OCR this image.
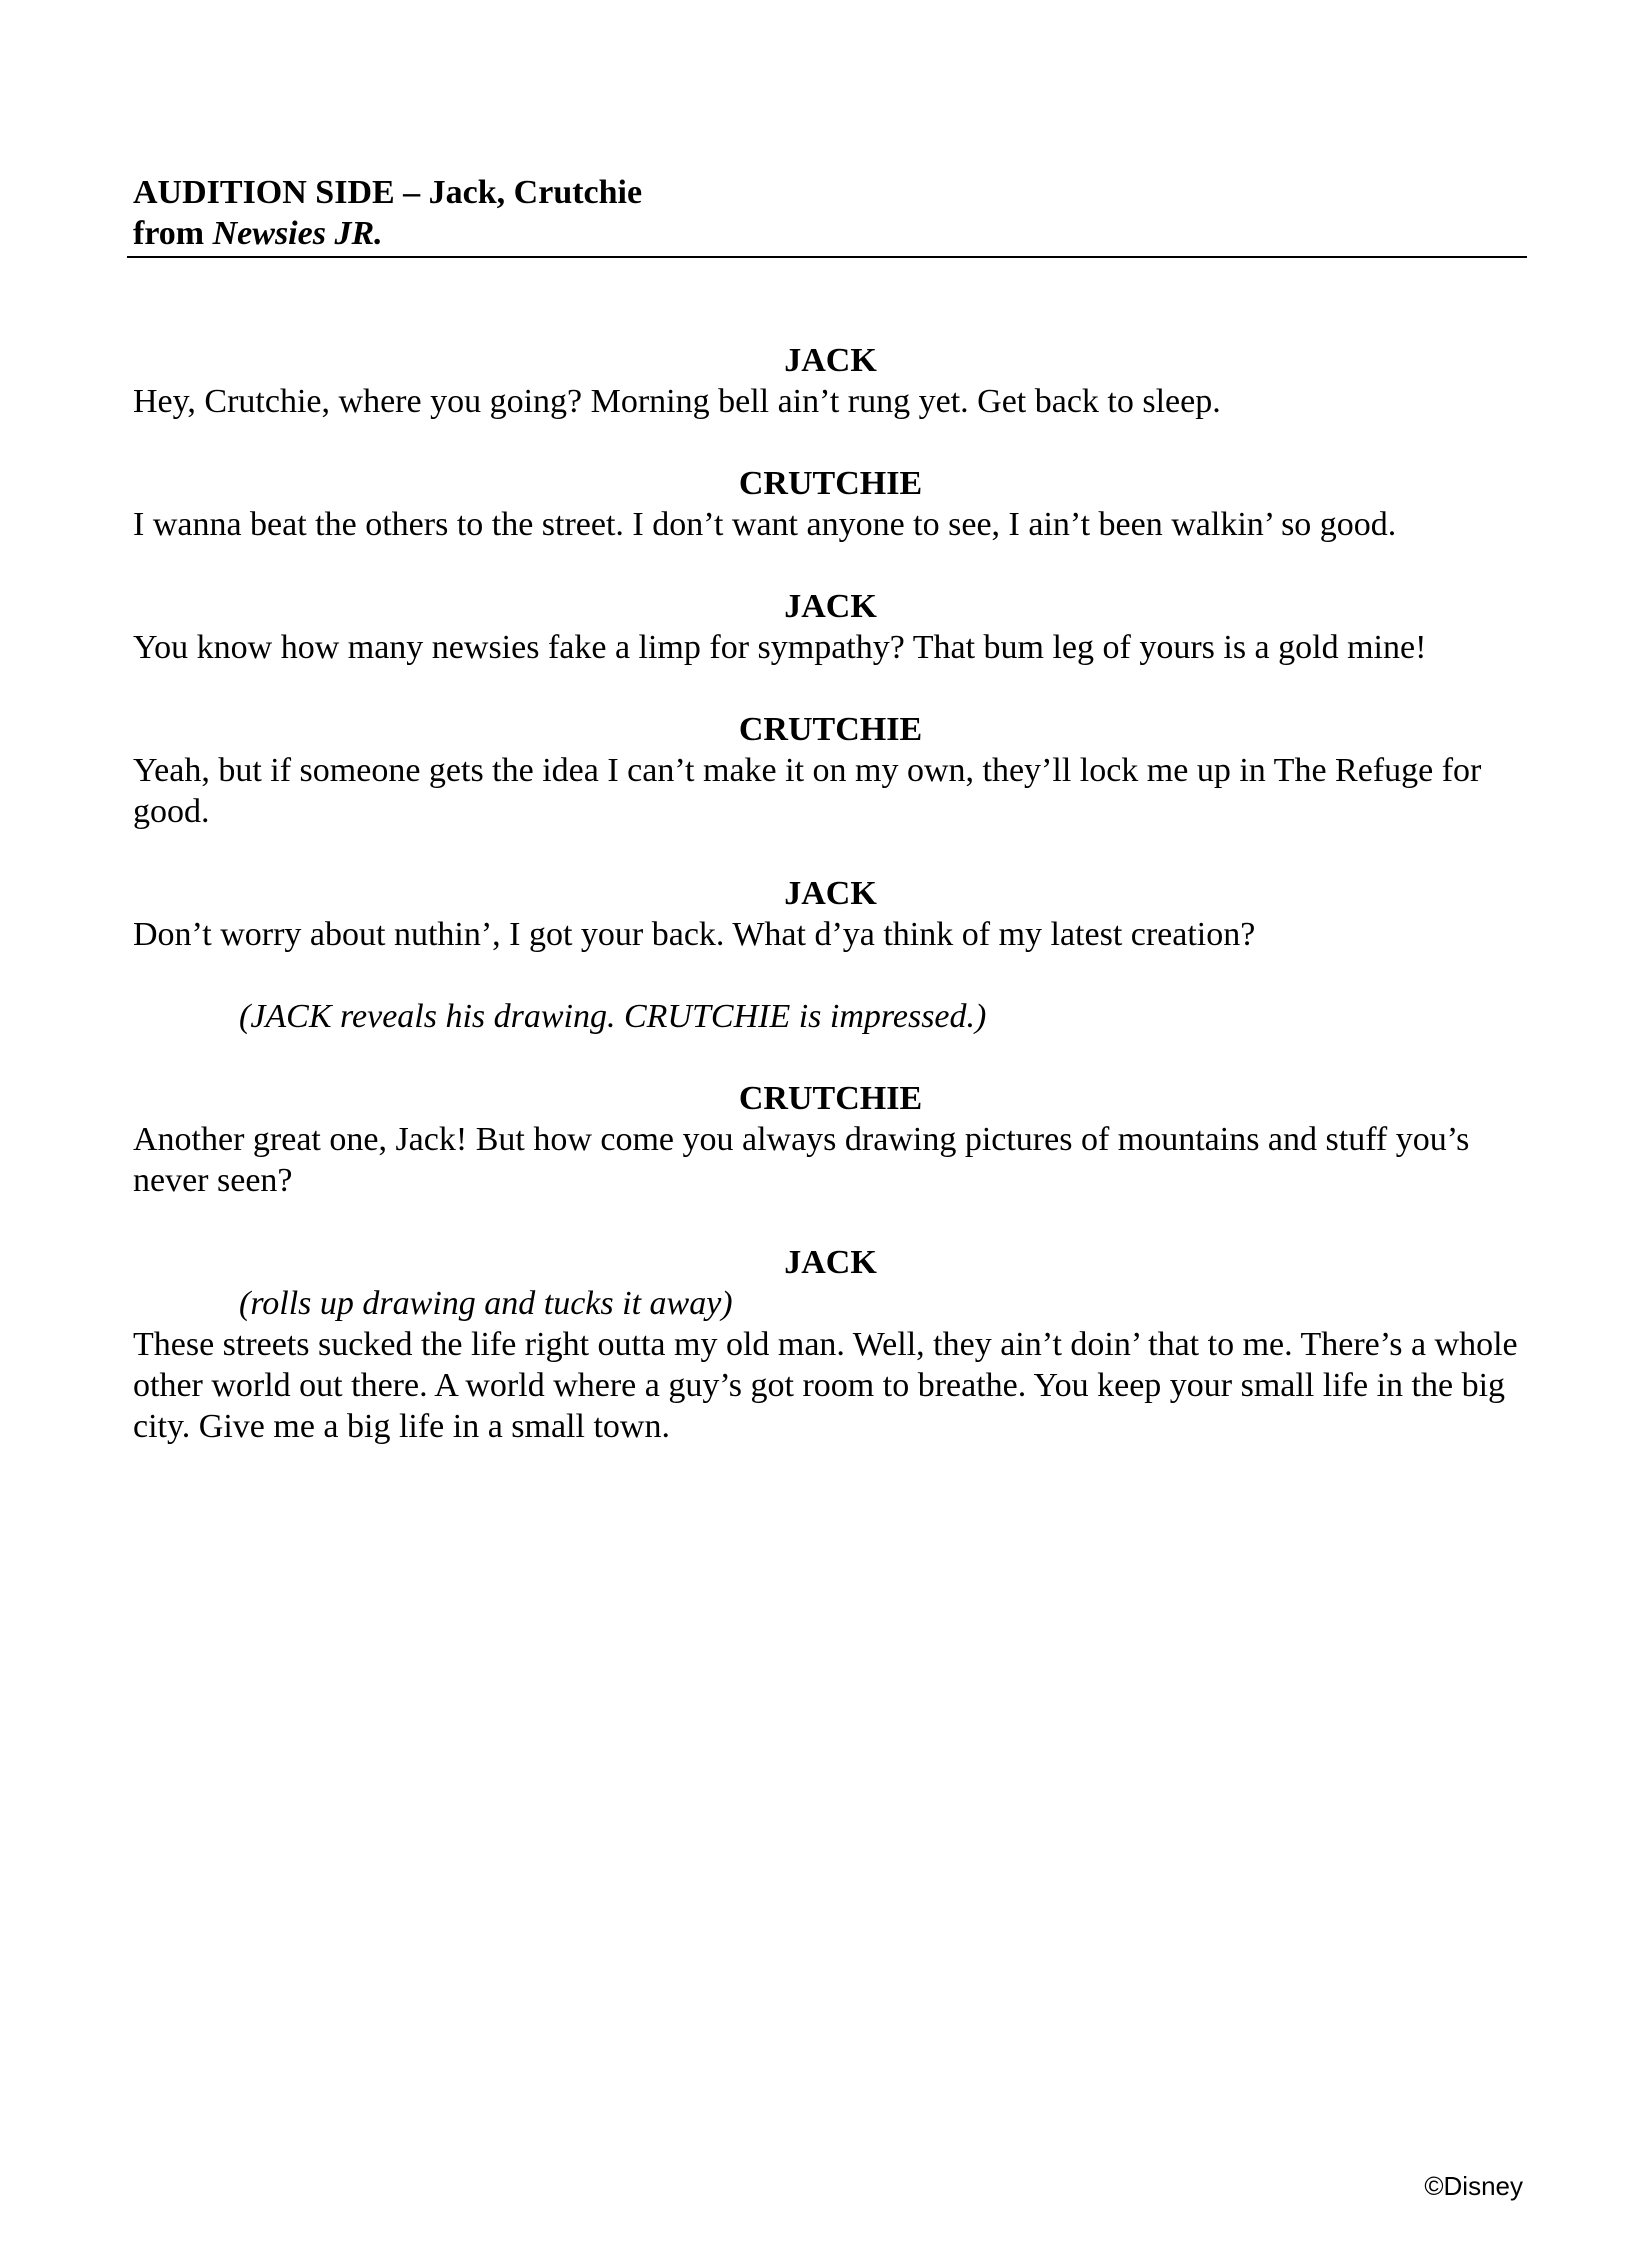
AUDITION SIDE – Jack, Crutchie
from Newsies JR.
JACK
Hey, Crutchie, where you going? Morning bell ain’t rung yet. Get back to sleep.
CRUTCHIE
I wanna beat the others to the street. I don’t want anyone to see, I ain’t been walkin’ so good.
JACK
You know how many newsies fake a limp for sympathy? That bum leg of yours is a gold mine!
CRUTCHIE
Yeah, but if someone gets the idea I can’t make it on my own, they’ll lock me up in The Refuge for good.
JACK
Don’t worry about nuthin’, I got your back. What d’ya think of my latest creation?
(JACK reveals his drawing. CRUTCHIE is impressed.)
CRUTCHIE
Another great one, Jack! But how come you always drawing pictures of mountains and stuff you’s never seen?
JACK
(rolls up drawing and tucks it away)
These streets sucked the life right outta my old man. Well, they ain’t doin’ that to me. There’s a whole other world out there. A world where a guy’s got room to breathe. You keep your small life in the big city. Give me a big life in a small town.
©Disney
